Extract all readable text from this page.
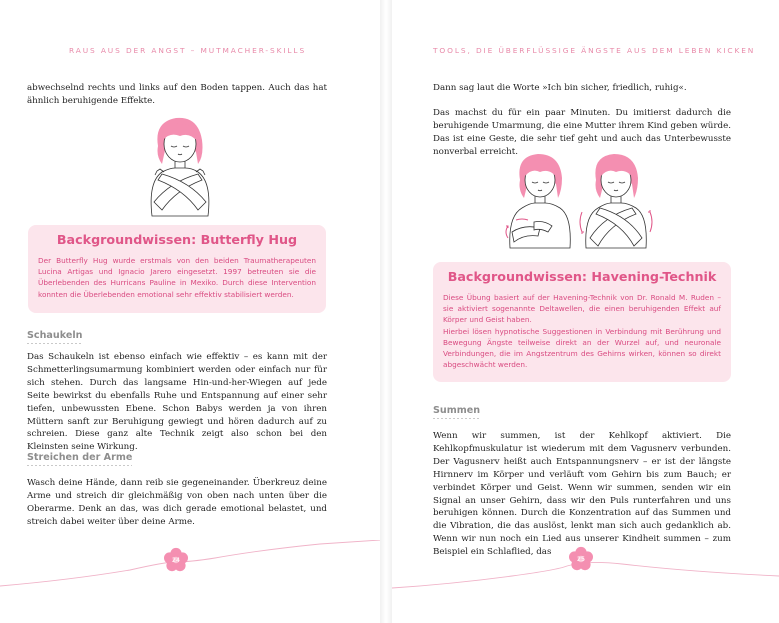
RAUS AUS DER ANGST – MUTMACHER-SKILLS

abwechselnd rechts und links auf den Boden tappen. Auch das hat ähnlich beruhigende Effekte.

Backgroundwissen: Butterfly Hug

Der Butterfly Hug wurde erstmals von den beiden Traumatherapeuten Lucina Artigas und Ignacio Jarero eingesetzt. 1997 betreuten sie die Überlebenden des Hurricans Pauline in Mexiko. Durch diese Intervention konnten die Überlebenden emotional sehr effektiv stabilisiert werden.

Schaukeln

Das Schaukeln ist ebenso einfach wie effektiv – es kann mit der Schmetterlingsumarmung kombiniert werden oder einfach nur für sich stehen. Durch das langsame Hin-und-her-Wiegen auf jede Seite bewirkst du ebenfalls Ruhe und Entspannung auf einer sehr tiefen, unbewussten Ebene. Schon Babys werden ja von ihren Müttern sanft zur Beruhigung gewiegt und hören dadurch auf zu schreien. Diese ganz alte Technik zeigt also schon bei den Kleinsten seine Wirkung.

Streichen der Arme

Wasch deine Hände, dann reib sie gegeneinander. Überkreuz deine Arme und streich dir gleichmäßig von oben nach unten über die Oberarme. Denk an das, was dich gerade emotional belastet, und streich dabei weiter über deine Arme.

24
TOOLS, DIE ÜBERFLÜSSIGE ÄNGSTE AUS DEM LEBEN KICKEN

Dann sag laut die Worte »Ich bin sicher, friedlich, ruhig«.

Das machst du für ein paar Minuten. Du imitierst dadurch die beruhigende Umarmung, die eine Mutter ihrem Kind geben würde. Das ist eine Geste, die sehr tief geht und auch das Unterbewusste nonverbal erreicht.

Backgroundwissen: Havening-Technik

Diese Übung basiert auf der Havening-Technik von Dr. Ronald M. Ruden – sie aktiviert sogenannte Deltawellen, die einen beruhigenden Effekt auf Körper und Geist haben.

Hierbei lösen hypnotische Suggestionen in Verbindung mit Berührung und Bewegung Ängste teilweise direkt an der Wurzel auf, und neuronale Verbindungen, die im Angstzentrum des Gehirns wirken, können so direkt abgeschwächt werden.

Summen

Wenn wir summen, ist der Kehlkopf aktiviert. Die Kehlkopfmuskulatur ist wiederum mit dem Vagusnerv verbunden. Der Vagusnerv heißt auch Entspannungsnerv – er ist der längste Hirnnerv im Körper und verläuft vom Gehirn bis zum Bauch; er verbindet Körper und Geist. Wenn wir summen, senden wir ein Signal an unser Gehirn, dass wir den Puls runterfahren und uns beruhigen können. Durch die Konzentration auf das Summen und die Vibration, die das auslöst, lenkt man sich auch gedanklich ab. Wenn wir nun noch ein Lied aus unserer Kindheit summen – zum Beispiel ein Schlaflied, das

25
